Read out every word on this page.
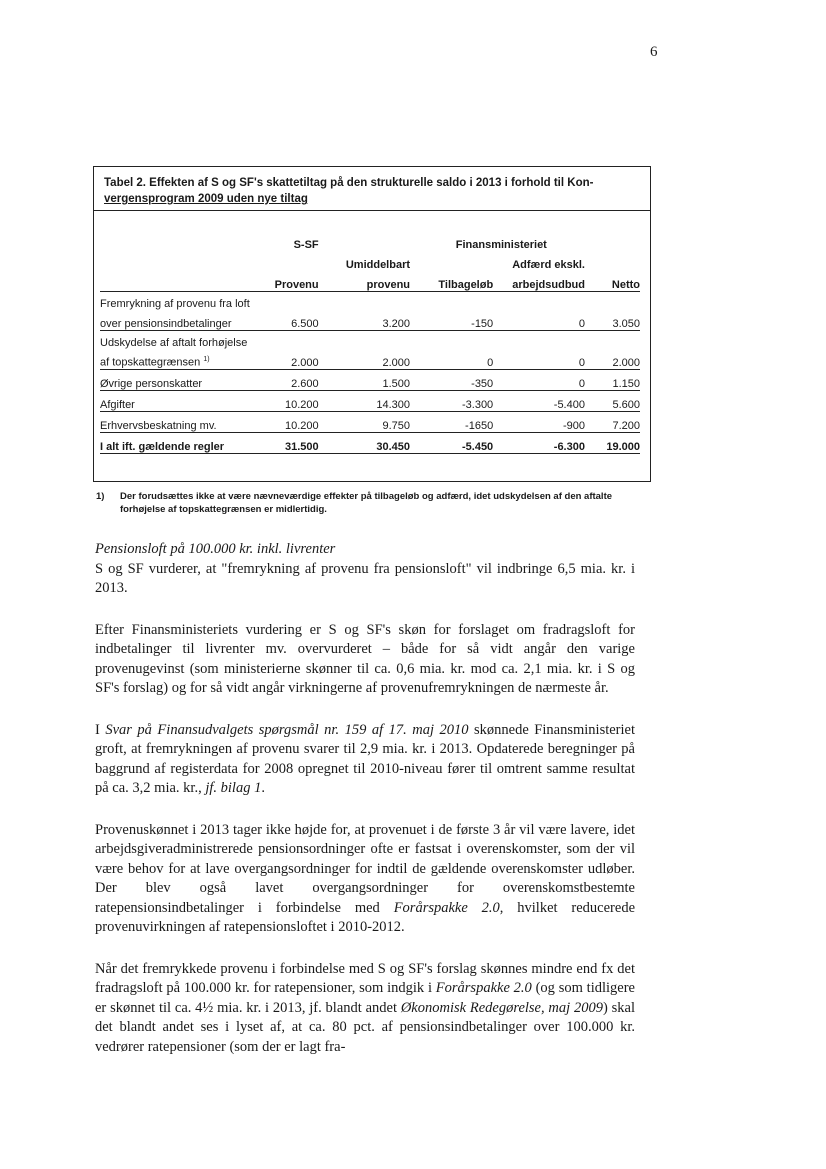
6
Tabel 2. Effekten af S og SF's skattetiltag på den strukturelle saldo i 2013 i forhold til Kon-
vergensprogram 2009 uden nye tiltag
	S-SF	Finansministeriet			
		Umiddelbart		Adfærd ekskl.	
	Provenu	provenu	Tilbageløb	arbejdsudbud	Netto
Fremrykning af provenu fra loft					
over pensionsindbetalinger	6.500	3.200	-150	0	3.050
Udskydelse af aftalt forhøjelse					
af topskattegrænsen $^{1)}$	2.000	2.000	0	0	2.000
Øvrige personskatter	2.600	1.500	-350	0	1.150
Afgifter	10.200	14.300	-3.300	-5.400	5.600
Erhvervsbeskatning mv.	10.200	9.750	-1650	-900	7.200
I alt ift. gældende regler	31.500	30.450	-5.450	-6.300	19.000
1)	Der forudsættes ikke at være nævneværdige effekter på tilbageløb og adfærd, idet udskydelsen af den aftalte forhøjelse af topskattegrænsen er midlertidig.

Pensionsloft på 100.000 kr. inkl. livrenter
S og SF vurderer, at "fremrykning af provenu fra pensionsloft" vil indbringe 6,5 mia. kr. i 2013.

Efter Finansministeriets vurdering er S og SF's skøn for forslaget om fradragsloft for indbetalinger til livrenter mv. overvurderet – både for så vidt angår den varige provenugevinst (som ministerierne skønner til ca. 0,6 mia. kr. mod ca. 2,1 mia. kr. i S og SF's forslag) og for så vidt angår virkningerne af provenufremrykningen de nærmeste år.

I Svar på Finansudvalgets spørgsmål nr. 159 af 17. maj 2010 skønnede Finansministeriet groft, at fremrykningen af provenu svarer til 2,9 mia. kr. i 2013. Opdaterede beregninger på baggrund af registerdata for 2008 opregnet til 2010-niveau fører til omtrent samme resultat på ca. 3,2 mia. kr., jf. bilag 1.

Provenuskønnet i 2013 tager ikke højde for, at provenuet i de første 3 år vil være lavere, idet arbejdsgiveradministrerede pensionsordninger ofte er fastsat i overenskomster, som der vil være behov for at lave overgangsordninger for indtil de gældende overenskomster udløber. Der blev også lavet overgangsordninger for overenskomstbestemte ratepensionsindbetalinger i forbindelse med Forårspakke 2.0, hvilket reducerede provenuvirkningen af ratepensionsloftet i 2010-2012.

Når det fremrykkede provenu i forbindelse med S og SF's forslag skønnes mindre end fx det fradragsloft på 100.000 kr. for ratepensioner, som indgik i Forårspakke 2.0 (og som tidligere er skønnet til ca. 4½ mia. kr. i 2013, jf. blandt andet Økonomisk Redegørelse, maj 2009) skal det blandt andet ses i lyset af, at ca. 80 pct. af pensionsindbetalinger over 100.000 kr. vedrører ratepensioner (som der er lagt fra-
